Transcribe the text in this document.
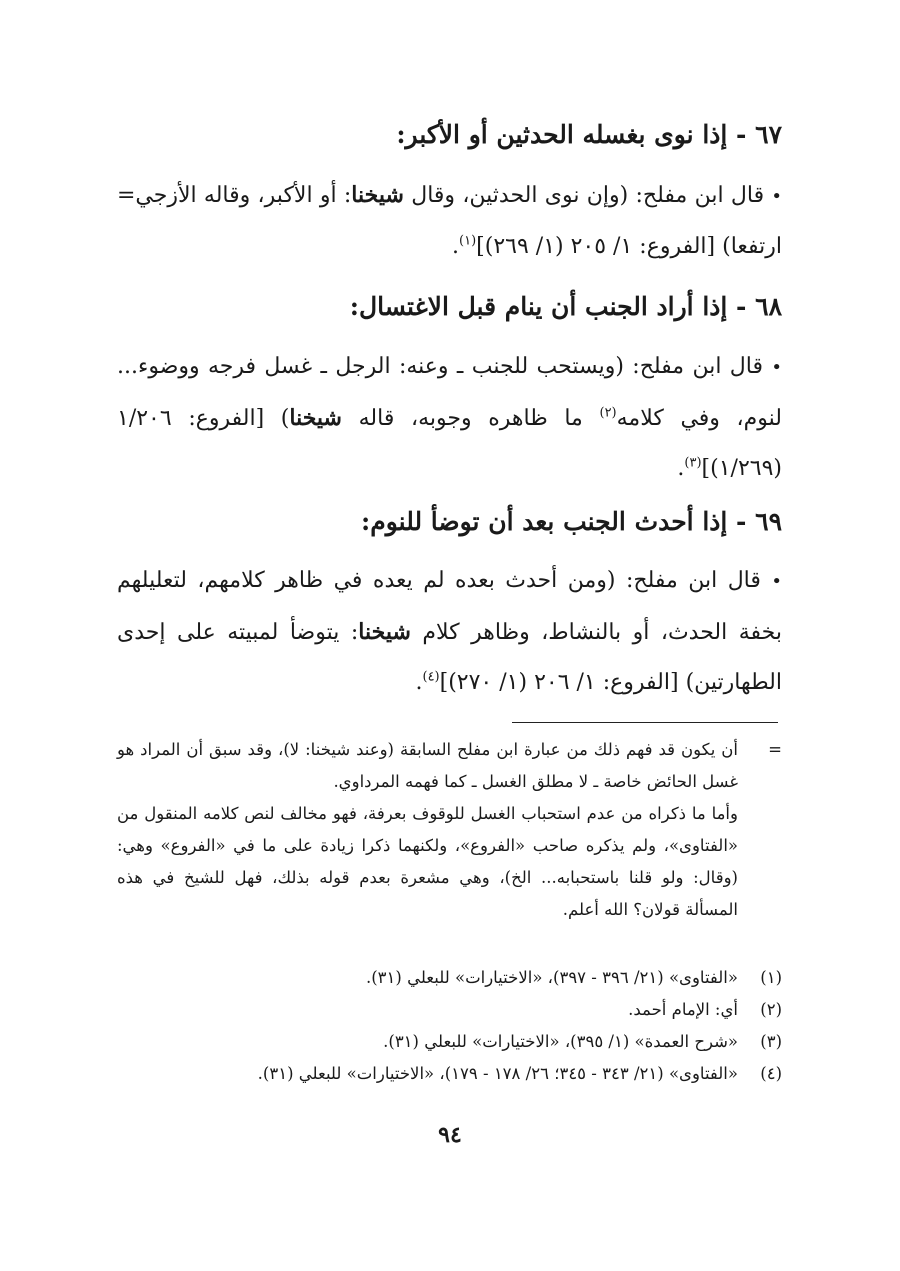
٦٧ - إذا نوى بغسله الحدثين أو الأكبر:
• قال ابن مفلح: (وإن نوى الحدثين، وقال شيخنا: أو الأكبر، وقاله الأزجي= ارتفعا) [الفروع: ١/ ٢٠٥ (١/ ٢٦٩)]$^{(١)}$.
٦٨ - إذا أراد الجنب أن ينام قبل الاغتسال:
• قال ابن مفلح: (ويستحب للجنب ـ وعنه: الرجل ـ غسل فرجه ووضوء... لنوم، وفي كلامه$^{(٢)}$ ما ظاهره وجوبه، قاله شيخنا) [الفروع: ١/٢٠٦ (١/٢٦٩)]$^{(٣)}$.
٦٩ - إذا أحدث الجنب بعد أن توضأ للنوم:
• قال ابن مفلح: (ومن أحدث بعده لم يعده في ظاهر كلامهم، لتعليلهم بخفة الحدث، أو بالنشاط، وظاهر كلام شيخنا: يتوضأ لمبيته على إحدى الطهارتين) [الفروع: ١/ ٢٠٦ (١/ ٢٧٠)]$^{(٤)}$.
=
أن يكون قد فهم ذلك من عبارة ابن مفلح السابقة (وعند شيخنا: لا)، وقد سبق أن المراد هو غسل الحائض خاصة ـ لا مطلق الغسل ـ كما فهمه المرداوي.
وأما ما ذكراه من عدم استحباب الغسل للوقوف بعرفة، فهو مخالف لنص كلامه المنقول من «الفتاوى»، ولم يذكره صاحب «الفروع»، ولكنهما ذكرا زيادة على ما في «الفروع» وهي: (وقال: ولو قلنا باستحبابه... الخ)، وهي مشعرة بعدم قوله بذلك، فهل للشيخ في هذه المسألة قولان؟ الله أعلم.
(١)«الفتاوى» (٢١/ ٣٩٦ - ٣٩٧)، «الاختيارات» للبعلي (٣١).
(٢)أي: الإمام أحمد.
(٣)«شرح العمدة» (١/ ٣٩٥)، «الاختيارات» للبعلي (٣١).
(٤)«الفتاوى» (٢١/ ٣٤٣ - ٣٤٥؛ ٢٦/ ١٧٨ - ١٧٩)، «الاختيارات» للبعلي (٣١).
٩٤
